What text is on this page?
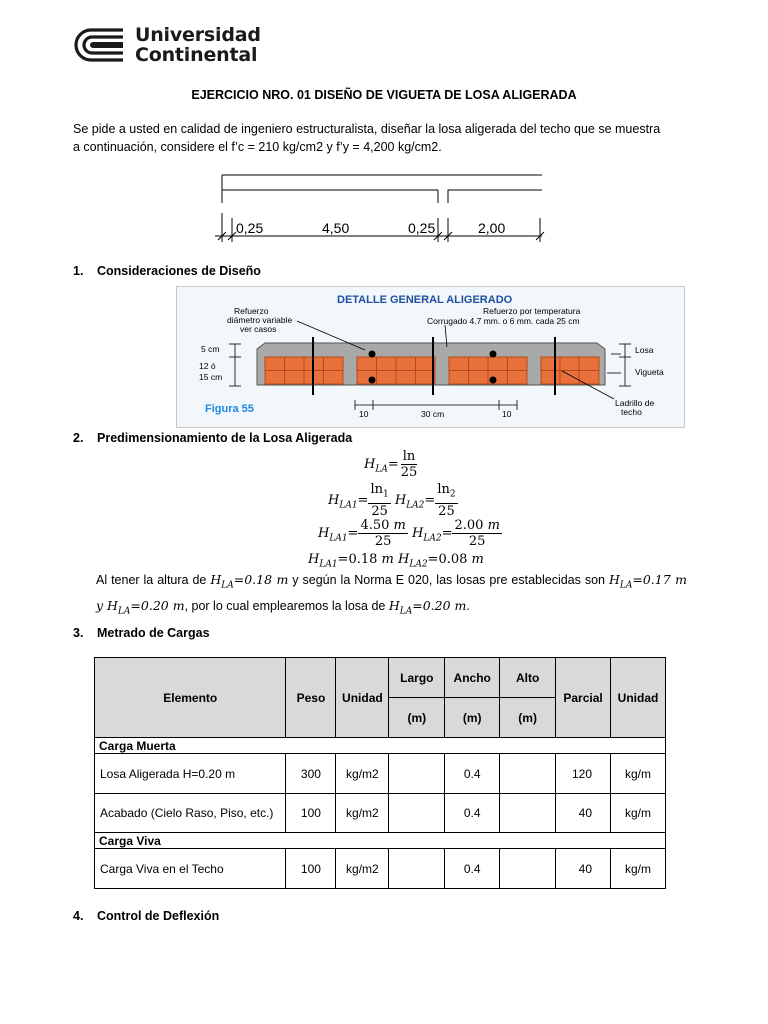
Universidad
Continental
EJERCICIO NRO. 01 DISEÑO DE VIGUETA DE LOSA ALIGERADA
Se pide a usted en calidad de ingeniero estructuralista, diseñar la losa aligerada del techo que se muestra
a continuación, considere el f’c = 210 kg/cm2 y f’y = 4,200 kg/cm2.
0,25	4,50	0,25	2,00
1. Consideraciones de Diseño
DETALLE GENERAL ALIGERADO
Refuerzo
diámetro variable
ver casos
Refuerzo por temperatura
Corrugado 4.7 mm. o 6 mm. cada 25 cm
5 cm
12 ó
15 cm
Losa
Vigueta
Ladrillo de
techo
10	30 cm	10
Figura 55
2. Predimensionamiento de la Losa Aligerada
$H_{LA}= \frac{\ln}{25}$
$H_{LA1}= \frac{\ln_1}{25} H_{LA2}= \frac{\ln_2}{25}$
$H_{LA1}= \frac{4.50 m}{25} H_{LA2}= \frac{2.00 m}{25}$
$H_{LA1}=0.18$ m $H_{LA2}=0.08$ m
Al tener la altura de $H_{LA}=0.18$ m y según la Norma E 020, las losas pre establecidas son $H_{LA}=0.17$ m y $H_{LA}=0.20$ m, por lo cual emplearemos la losa de $H_{LA}=0.20$ m.
3. Metrado de Cargas
Elemento	Peso	Unidad	Largo	Ancho	Alto	Parcial	Unidad
			(m)	(m)	(m)		
Carga Muerta							
Losa Aligerada H=0.20 m	300	kg/m2		0.4		120	kg/m
Acabado (Cielo Raso, Piso, etc.)	100	kg/m2		0.4		40	kg/m
Carga Viva							
Carga Viva en el Techo	100	kg/m2		0.4		40	kg/m
4. Control de Deflexión
